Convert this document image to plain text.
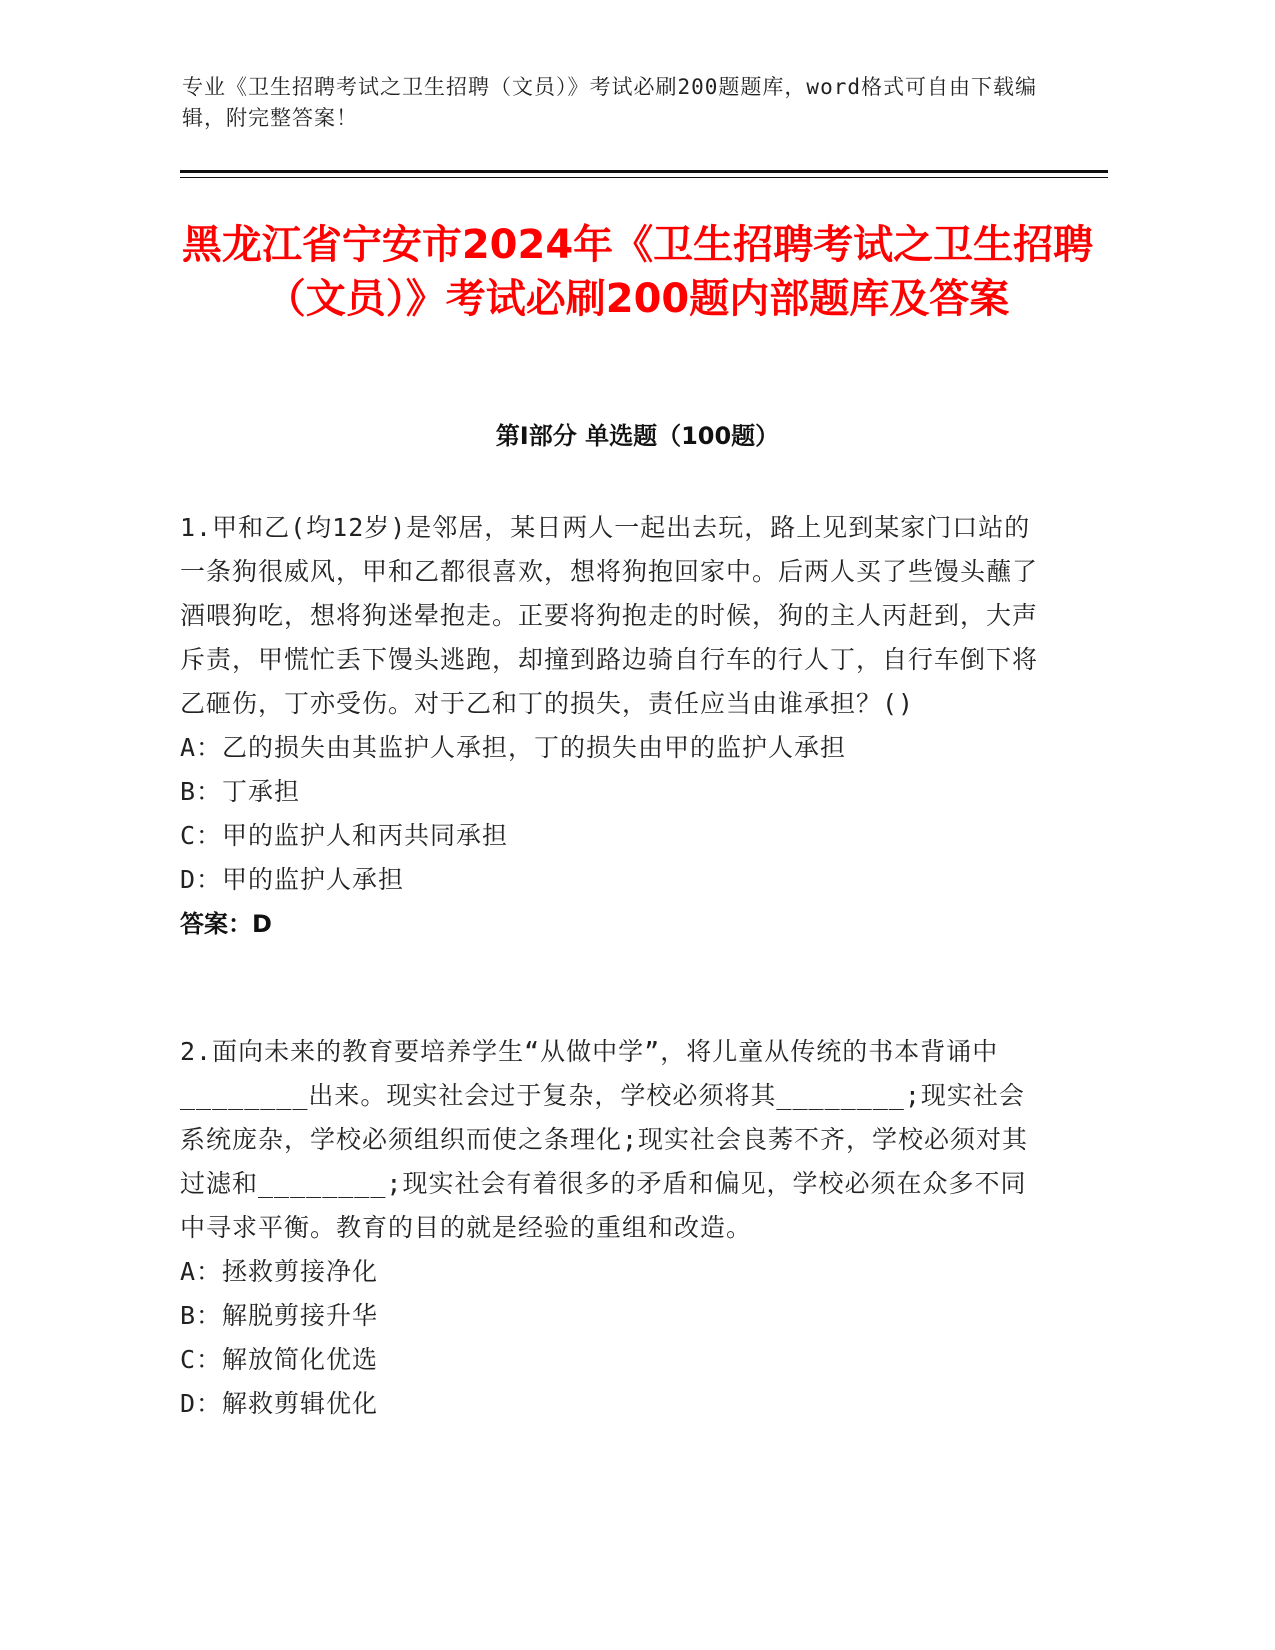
专业《卫生招聘考试之卫生招聘（文员）》考试必刷200题题库，word格式可自由下载编辑，附完整答案！
黑龙江省宁安市2024年《卫生招聘考试之卫生招聘（文员）》考试必刷200题内部题库及答案
第Ⅰ部分 单选题（100题）
1.甲和乙(均12岁)是邻居，某日两人一起出去玩，路上见到某家门口站的一条狗很威风，甲和乙都很喜欢，想将狗抱回家中。后两人买了些馒头蘸了酒喂狗吃，想将狗迷晕抱走。正要将狗抱走的时候，狗的主人丙赶到，大声斥责，甲慌忙丢下馒头逃跑，却撞到路边骑自行车的行人丁，自行车倒下将乙砸伤，丁亦受伤。对于乙和丁的损失，责任应当由谁承担？()
A：乙的损失由其监护人承担，丁的损失由甲的监护人承担
B：丁承担
C：甲的监护人和丙共同承担
D：甲的监护人承担
答案：D
2.面向未来的教育要培养学生“从做中学”，将儿童从传统的书本背诵中________出来。现实社会过于复杂，学校必须将其________;现实社会系统庞杂，学校必须组织而使之条理化;现实社会良莠不齐，学校必须对其过滤和________;现实社会有着很多的矛盾和偏见，学校必须在众多不同中寻求平衡。教育的目的就是经验的重组和改造。
A：拯救剪接净化
B：解脱剪接升华
C：解放简化优选
D：解救剪辑优化
